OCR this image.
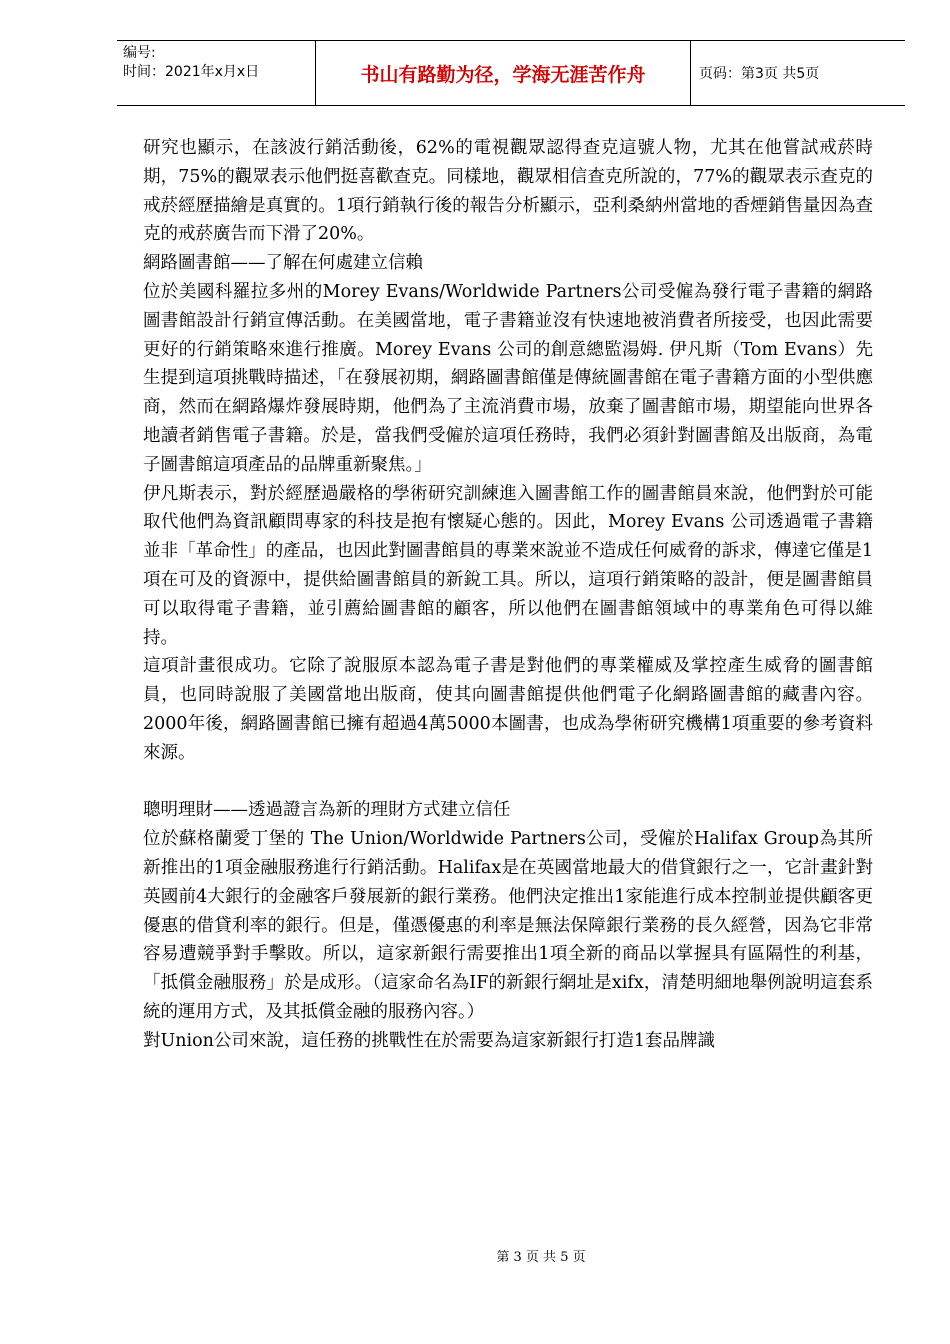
编号:
时间：2021年x月x日	书山有路勤为径，学海无涯苦作舟	页码：第3页 共5页

研究也顯示，在該波行銷活動後，62%的電視觀眾認得查克這號人物，尤其在他嘗試戒菸時期，75%的觀眾表示他們挺喜歡查克。同樣地，觀眾相信查克所說的，77%的觀眾表示查克的戒菸經歷描繪是真實的。1項行銷執行後的報告分析顯示，亞利桑納州當地的香煙銷售量因為查克的戒菸廣告而下滑了20%。

網路圖書館——了解在何處建立信賴

位於美國科羅拉多州的Morey Evans/Worldwide Partners公司受僱為發行電子書籍的網路圖書館設計行銷宣傳活動。在美國當地，電子書籍並沒有快速地被消費者所接受，也因此需要更好的行銷策略來進行推廣。Morey Evans 公司的創意總監湯姆. 伊凡斯（Tom Evans）先生提到這項挑戰時描述，「在發展初期，網路圖書館僅是傳統圖書館在電子書籍方面的小型供應商，然而在網路爆炸發展時期，他們為了主流消費市場，放棄了圖書館市場，期望能向世界各地讀者銷售電子書籍。於是，當我們受僱於這項任務時，我們必須針對圖書館及出版商，為電子圖書館這項產品的品牌重新聚焦。」

伊凡斯表示，對於經歷過嚴格的學術研究訓練進入圖書館工作的圖書館員來說，他們對於可能取代他們為資訊顧問專家的科技是抱有懷疑心態的。因此，Morey Evans 公司透過電子書籍並非「革命性」的產品，也因此對圖書館員的專業來說並不造成任何威脅的訴求，傳達它僅是1項在可及的資源中，提供給圖書館員的新銳工具。所以，這項行銷策略的設計，便是圖書館員可以取得電子書籍，並引薦給圖書館的顧客，所以他們在圖書館領域中的專業角色可得以維持。

這項計畫很成功。它除了說服原本認為電子書是對他們的專業權威及掌控產生威脅的圖書館員，也同時說服了美國當地出版商，使其向圖書館提供他們電子化網路圖書館的藏書內容。2000年後，網路圖書館已擁有超過4萬5000本圖書，也成為學術研究機構1項重要的參考資料來源。

聰明理財——透過證言為新的理財方式建立信任

位於蘇格蘭愛丁堡的 The Union/Worldwide Partners公司，受僱於Halifax Group為其所新推出的1項金融服務進行行銷活動。Halifax是在英國當地最大的借貸銀行之一，它計畫針對英國前4大銀行的金融客戶發展新的銀行業務。他們決定推出1家能進行成本控制並提供顧客更優惠的借貸利率的銀行。但是，僅憑優惠的利率是無法保障銀行業務的長久經營，因為它非常容易遭競爭對手擊敗。所以，這家新銀行需要推出1項全新的商品以掌握具有區隔性的利基，「抵償金融服務」於是成形。（這家命名為IF的新銀行網址是xifx，清楚明細地舉例說明這套系統的運用方式，及其抵償金融的服務內容。）

對Union公司來說，這任務的挑戰性在於需要為這家新銀行打造1套品牌識

第 3 页 共 5 页
